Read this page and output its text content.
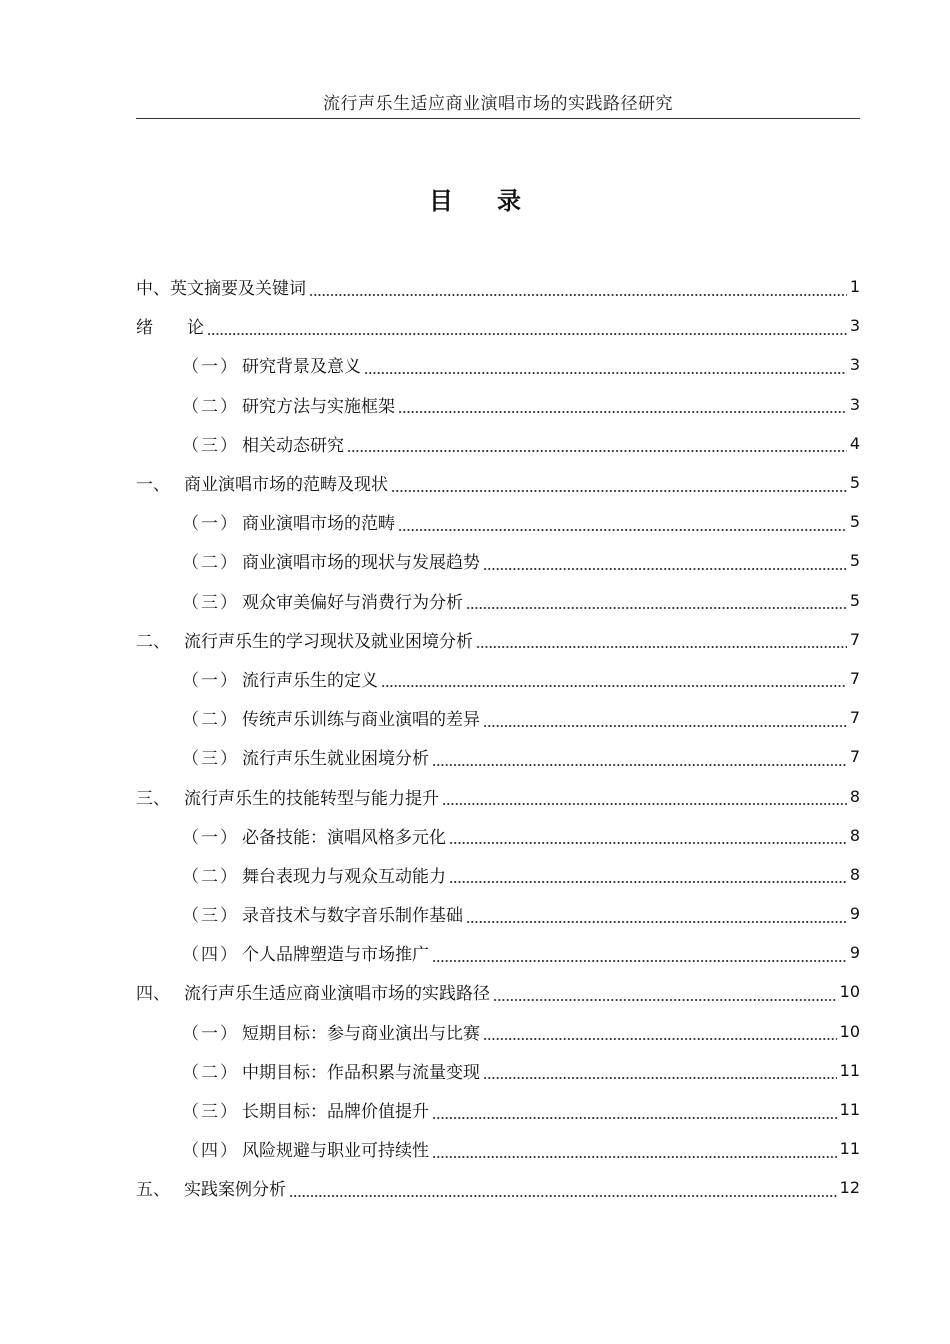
流行声乐生适应商业演唱市场的实践路径研究
目录
中、英文摘要及关键词	1
绪　　论	3
（一） 研究背景及意义	3
（二） 研究方法与实施框架	3
（三） 相关动态研究	4
一、 商业演唱市场的范畴及现状	5
（一） 商业演唱市场的范畴	5
（二） 商业演唱市场的现状与发展趋势	5
（三） 观众审美偏好与消费行为分析	5
二、 流行声乐生的学习现状及就业困境分析	7
（一） 流行声乐生的定义	7
（二） 传统声乐训练与商业演唱的差异	7
（三） 流行声乐生就业困境分析	7
三、 流行声乐生的技能转型与能力提升	8
（一） 必备技能：演唱风格多元化	8
（二） 舞台表现力与观众互动能力	8
（三） 录音技术与数字音乐制作基础	9
（四） 个人品牌塑造与市场推广	9
四、 流行声乐生适应商业演唱市场的实践路径	10
（一） 短期目标：参与商业演出与比赛	10
（二） 中期目标：作品积累与流量变现	11
（三） 长期目标：品牌价值提升	11
（四） 风险规避与职业可持续性	11
五、 实践案例分析	12
